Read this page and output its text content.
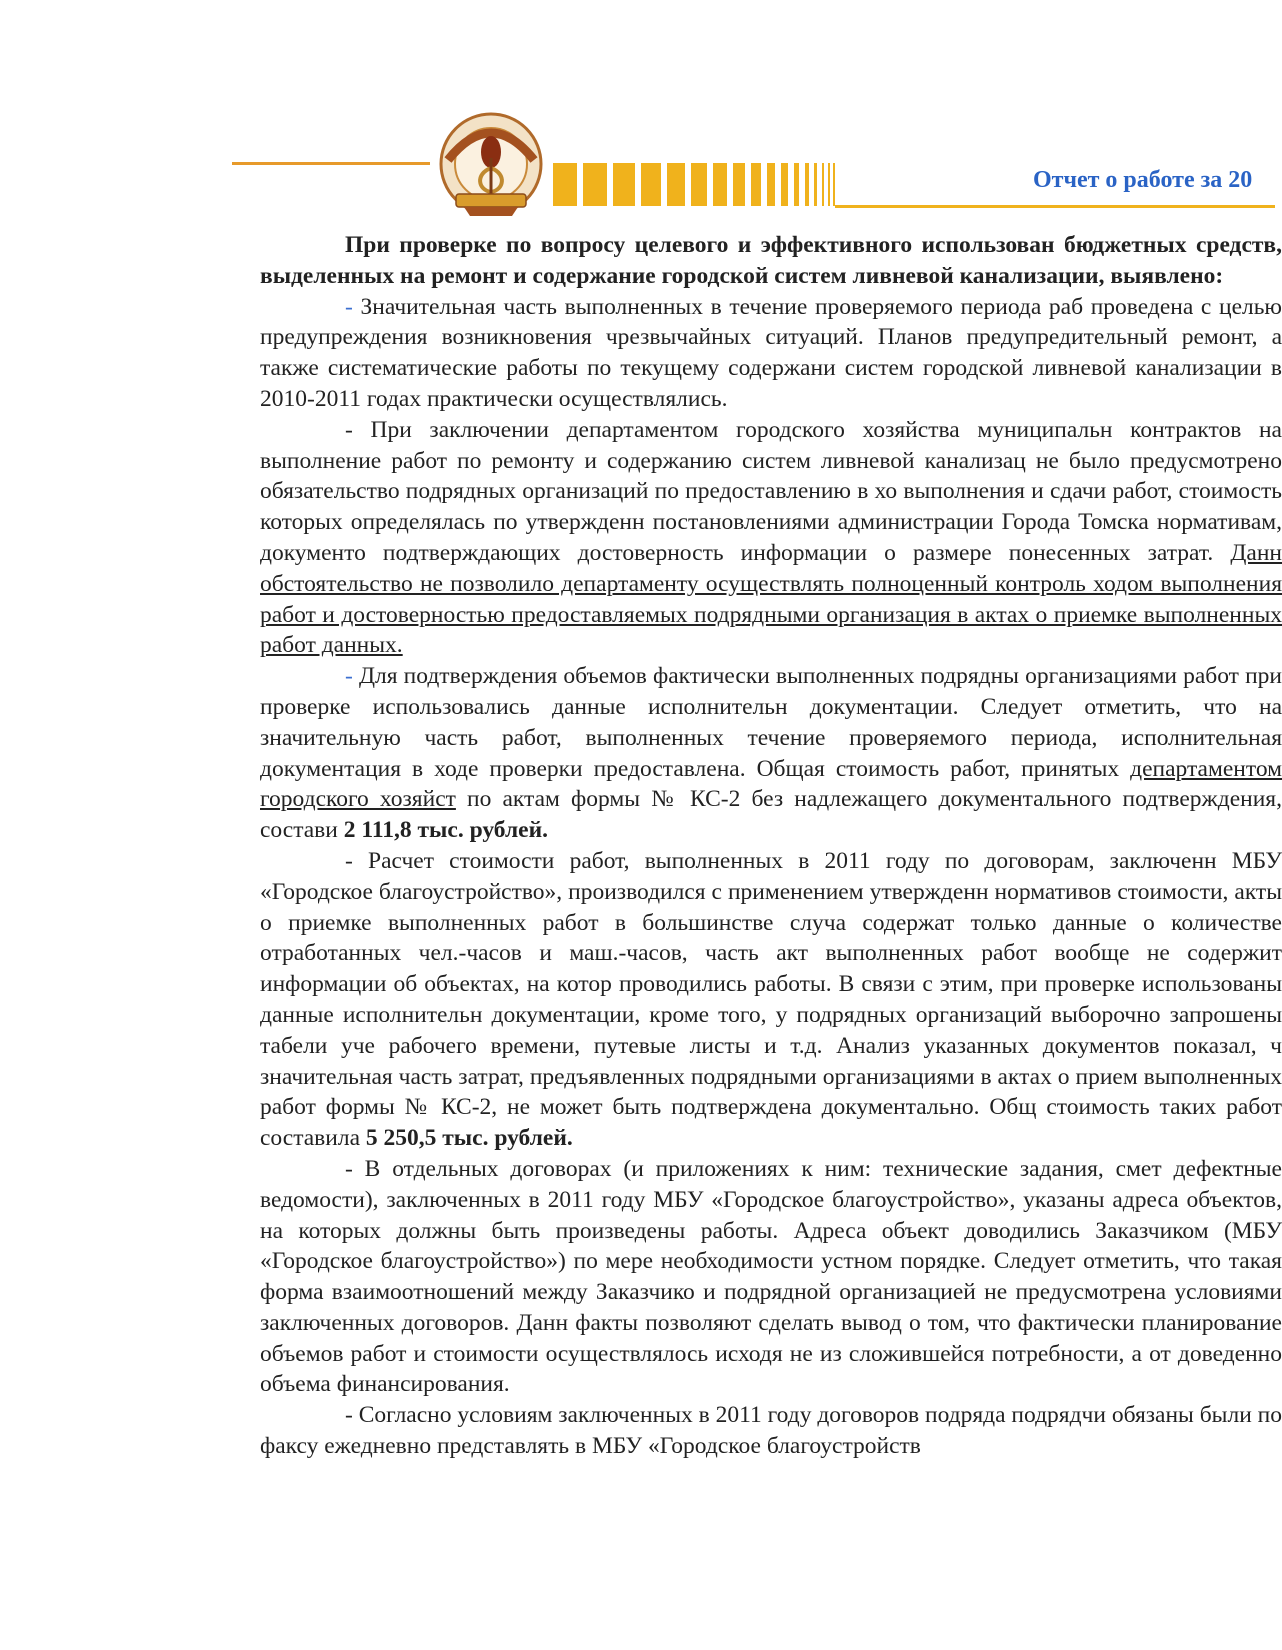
Отчет о работе за 20

При проверке по вопросу целевого и эффективного использован бюджетных средств, выделенных на ремонт и содержание городской систем ливневой канализации, выявлено:

- Значительная часть выполненных в течение проверяемого периода раб проведена с целью предупреждения возникновения чрезвычайных ситуаций. Планов предупредительный ремонт, а также систематические работы по текущему содержани систем городской ливневой канализации в 2010-2011 годах практически осуществлялись.

- При заключении департаментом городского хозяйства муниципальн контрактов на выполнение работ по ремонту и содержанию систем ливневой канализац не было предусмотрено обязательство подрядных организаций по предоставлению в хо выполнения и сдачи работ, стоимость которых определялась по утвержденн постановлениями администрации Города Томска нормативам, документо подтверждающих достоверность информации о размере понесенных затрат. Данн обстоятельство не позволило департаменту осуществлять полноценный контроль ходом выполнения работ и достоверностью предоставляемых подрядными организация в актах о приемке выполненных работ данных.

- Для подтверждения объемов фактически выполненных подрядны организациями работ при проверке использовались данные исполнительн документации. Следует отметить, что на значительную часть работ, выполненных течение проверяемого периода, исполнительная документация в ходе проверки предоставлена. Общая стоимость работ, принятых департаментом городского хозяйст по актам формы № КС-2 без надлежащего документального подтверждения, состави 2 111,8 тыс. рублей.

- Расчет стоимости работ, выполненных в 2011 году по договорам, заключенн МБУ «Городское благоустройство», производился с применением утвержденн нормативов стоимости, акты о приемке выполненных работ в большинстве случа содержат только данные о количестве отработанных чел.-часов и маш.-часов, часть акт выполненных работ вообще не содержит информации об объектах, на котор проводились работы. В связи с этим, при проверке использованы данные исполнительн документации, кроме того, у подрядных организаций выборочно запрошены табели уче рабочего времени, путевые листы и т.д. Анализ указанных документов показал, ч значительная часть затрат, предъявленных подрядными организациями в актах о прием выполненных работ формы № КС-2, не может быть подтверждена документально. Общ стоимость таких работ составила 5 250,5 тыс. рублей.

- В отдельных договорах (и приложениях к ним: технические задания, смет дефектные ведомости), заключенных в 2011 году МБУ «Городское благоустройство», указаны адреса объектов, на которых должны быть произведены работы. Адреса объект доводились Заказчиком (МБУ «Городское благоустройство») по мере необходимости устном порядке. Следует отметить, что такая форма взаимоотношений между Заказчико и подрядной организацией не предусмотрена условиями заключенных договоров. Данн факты позволяют сделать вывод о том, что фактически планирование объемов работ и стоимости осуществлялось исходя не из сложившейся потребности, а от доведенно объема финансирования.

- Согласно условиям заключенных в 2011 году договоров подряда подрядчи обязаны были по факсу ежедневно представлять в МБУ «Городское благоустройств
